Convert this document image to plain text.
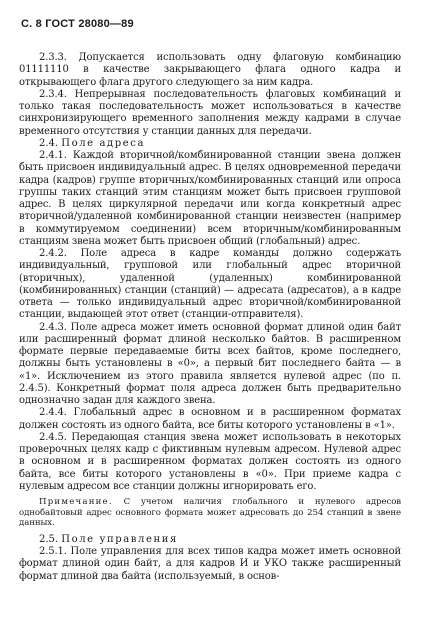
С. 8 ГОСТ 28080—89

2.3.3. Допускается использовать одну флаговую комбинацию 01111110 в качестве закрывающего флага одного кадра и открывающего флага другого следующего за ним кадра.

2.3.4. Непрерывная последовательность флаговых комбинаций и только такая последовательность может использоваться в качестве синхронизирующего временного заполнения между кадрами в случае временного отсутствия у станции данных для передачи.

2.4. Поле адреса

2.4.1. Каждой вторичной/комбинированной станции звена должен быть присвоен индивидуальный адрес. В целях одновременной передачи кадра (кадров) группе вторичных/комбинированных станций или опроса группы таких станций этим станциям может быть присвоен групповой адрес. В целях циркулярной передачи или когда конкретный адрес вторичной/удаленной комбинированной станции неизвестен (например в коммутируемом соединении) всем вторичным/комбинированным станциям звена может быть присвоен общий (глобальный) адрес.

2.4.2. Поле адреса в кадре команды должно содержать индивидуальный, групповой или глобальный адрес вторичной (вторичных), удаленной (удаленных) комбинированной (комбинированных) станции (станций) — адресата (адресатов), а в кадре ответа — только индивидуальный адрес вторичной/комбинированной станции, выдающей этот ответ (станции-отправителя).

2.4.3. Поле адреса может иметь основной формат длиной один байт или расширенный формат длиной несколько байтов. В расширенном формате первые передаваемые биты всех байтов, кроме последнего, должны быть установлены в «0», а первый бит последнего байта — в «1». Исключением из этого правила является нулевой адрес (по п. 2.4.5). Конкретный формат поля адреса должен быть предварительно однозначно задан для каждого звена.

2.4.4. Глобальный адрес в основном и в расширенном форматах должен состоять из одного байта, все биты которого установлены в «1».

2.4.5. Передающая станция звена может использовать в некоторых проверочных целях кадр с фиктивным нулевым адресом. Нулевой адрес в основном и в расширенном форматах должен состоять из одного байта, все биты которого установлены в «0». При приеме кадра с нулевым адресом все станции должны игнорировать его.

Примечание. С учетом наличия глобального и нулевого адресов однобайтовый адрес основного формата может адресовать до 254 станций в звене данных.

2.5. Поле управления

2.5.1. Поле управления для всех типов кадра может иметь основной формат длиной один байт, а для кадров И и УКО также расширенный формат длиной два байта (используемый, в основ-
